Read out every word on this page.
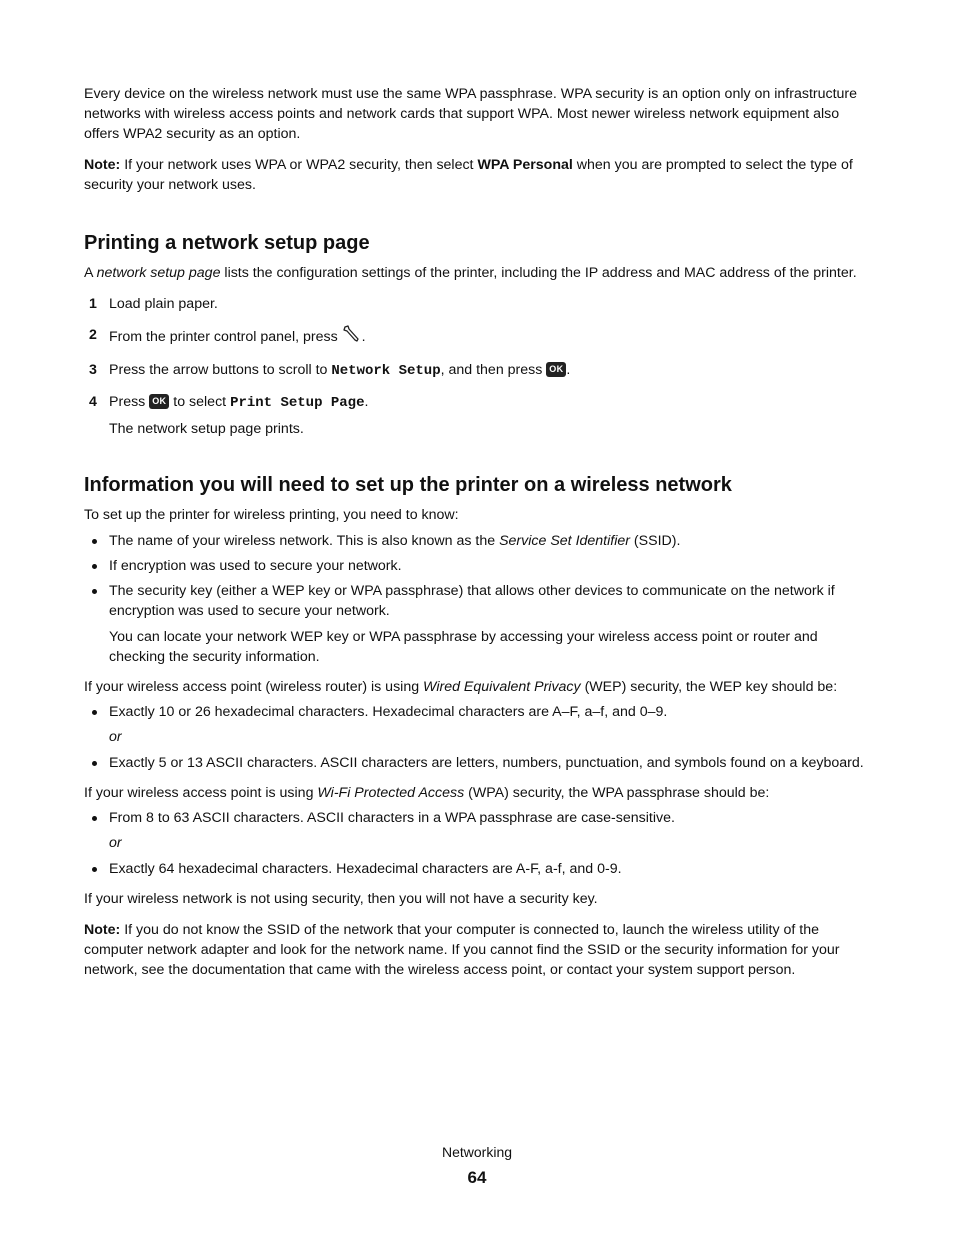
Every device on the wireless network must use the same WPA passphrase. WPA security is an option only on infrastructure networks with wireless access points and network cards that support WPA. Most newer wireless network equipment also offers WPA2 security as an option.

Note: If your network uses WPA or WPA2 security, then select WPA Personal when you are prompted to select the type of security your network uses.

Printing a network setup page

A network setup page lists the configuration settings of the printer, including the IP address and MAC address of the printer.

1 Load plain paper.
2 From the printer control panel, press .
3 Press the arrow buttons to scroll to Network Setup, and then press OK .
4 Press OK to select Print Setup Page.

The network setup page prints.

Information you will need to set up the printer on a wireless network

To set up the printer for wireless printing, you need to know:

The name of your wireless network. This is also known as the Service Set Identifier (SSID).
If encryption was used to secure your network.
The security key (either a WEP key or WPA passphrase) that allows other devices to communicate on the network if encryption was used to secure your network.

You can locate your network WEP key or WPA passphrase by accessing your wireless access point or router and checking the security information.

If your wireless access point (wireless router) is using Wired Equivalent Privacy (WEP) security, the WEP key should be:

Exactly 10 or 26 hexadecimal characters. Hexadecimal characters are A–F, a–f, and 0–9.

or

Exactly 5 or 13 ASCII characters. ASCII characters are letters, numbers, punctuation, and symbols found on a keyboard.

If your wireless access point is using Wi-Fi Protected Access (WPA) security, the WPA passphrase should be:

From 8 to 63 ASCII characters. ASCII characters in a WPA passphrase are case-sensitive.

or

Exactly 64 hexadecimal characters. Hexadecimal characters are A-F, a-f, and 0-9.

If your wireless network is not using security, then you will not have a security key.

Note: If you do not know the SSID of the network that your computer is connected to, launch the wireless utility of the computer network adapter and look for the network name. If you cannot find the SSID or the security information for your network, see the documentation that came with the wireless access point, or contact your system support person.

Networking
64
